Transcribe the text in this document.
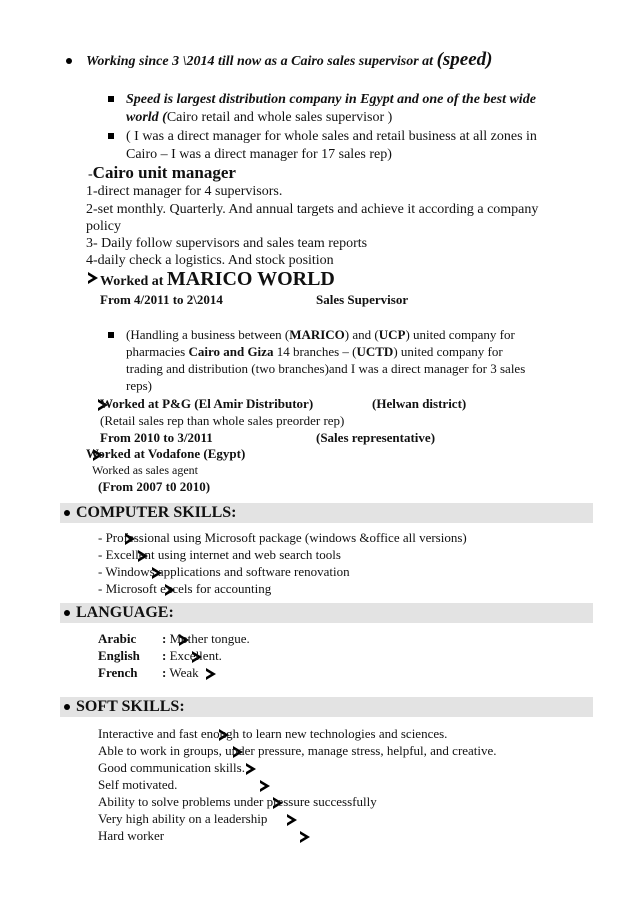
Working since 3 \2014 till now as a Cairo sales supervisor at (speed)
Speed is largest distribution company in Egypt and one of the best wide
world (Cairo retail and whole sales supervisor )
( I was a direct manager for whole sales and retail business at all zones in
Cairo – I was a direct manager for 17 sales rep)
-Cairo unit manager
1-direct manager for 4 supervisors.
2-set monthly. Quarterly. And annual targets and achieve it according a company
policy
3- Daily follow supervisors and sales team reports
4-daily check a logistics. And stock position

Worked at MARICO WORLD
From 4/2011 to 2\2014	Sales Supervisor
(Handling a business between (MARICO) and (UCP) united company for
pharmacies Cairo and Giza 14 branches – (UCTD) united company for
trading and distribution (two branches)and I was a direct manager for 3 sales
reps)

Worked at P&G (El Amir Distributor)	(Helwan district)
(Retail sales rep than whole sales preorder rep)
From 2010 to 3/2011	(Sales representative)

Worked at Vodafone (Egypt)
Worked as sales agent
(From 2007 t0 2010)
COMPUTER SKILLS:

- Professional using Microsoft package (windows &office all versions)

- Excellent using internet and web search tools

- Windows applications and software renovation

- Microsoft excels for accounting
LANGUAGE:

Arabic : Mother tongue.

English : Excellent.

French : Weak
SOFT SKILLS:

Interactive and fast enough to learn new technologies and sciences.

Able to work in groups, under pressure, manage stress, helpful, and creative.

Good communication skills.

Self motivated.

Ability to solve problems under pressure successfully

Very high ability on a leadership
Hard worker
